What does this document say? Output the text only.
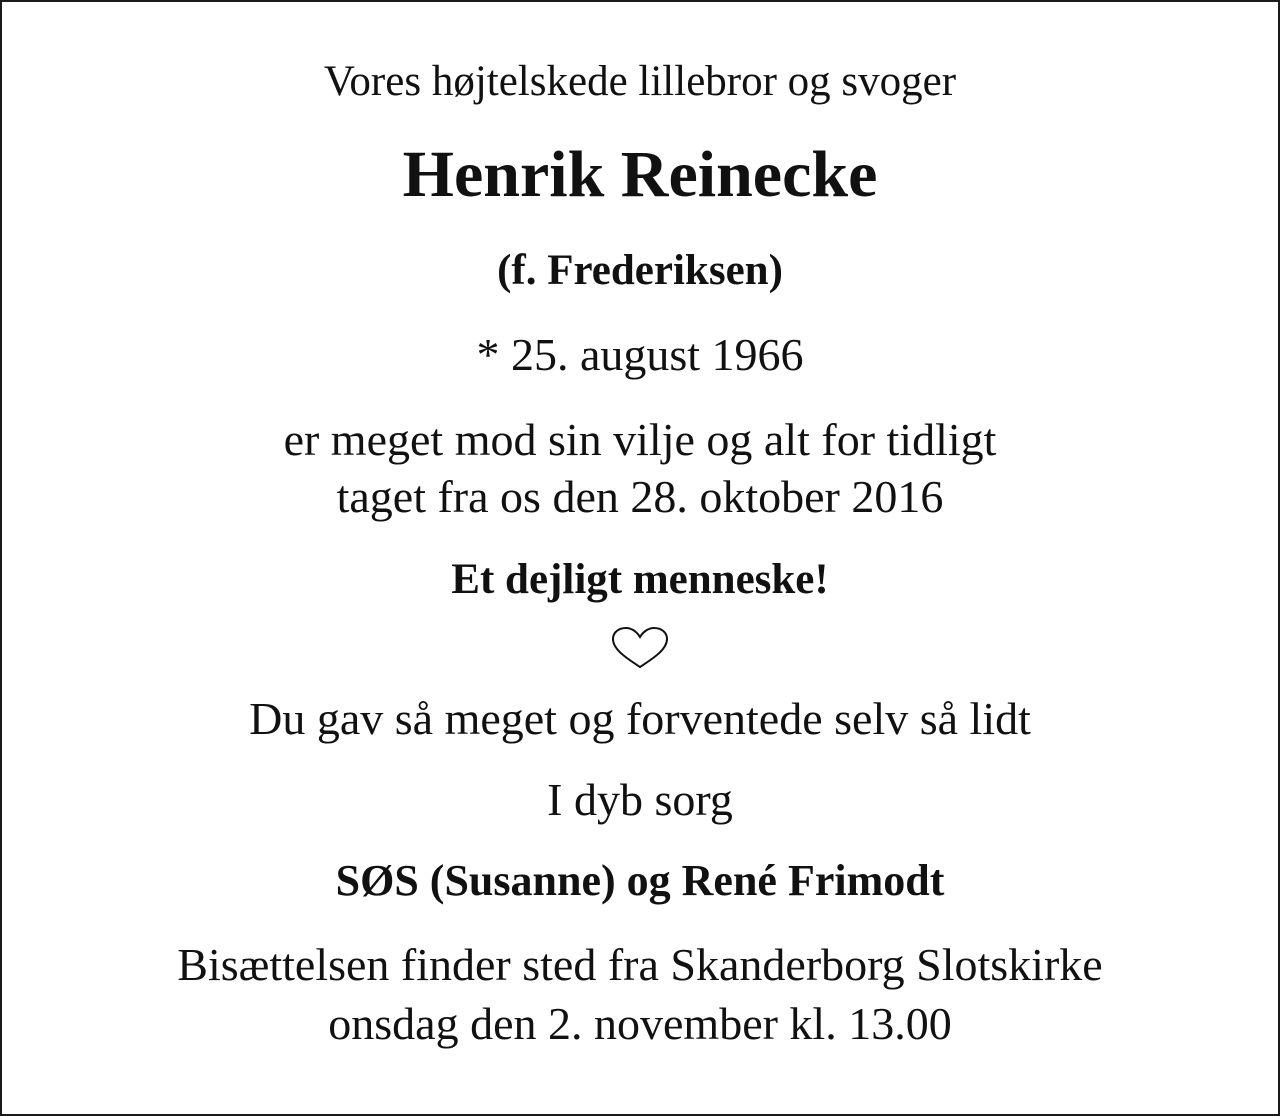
Vores højtelskede lillebror og svoger
Henrik Reinecke
(f. Frederiksen)
* 25. august 1966
er meget mod sin vilje og alt for tidligt
taget fra os den 28. oktober 2016
Et dejligt menneske!
Du gav så meget og forventede selv så lidt
I dyb sorg
SØS (Susanne) og René Frimodt
Bisættelsen finder sted fra Skanderborg Slotskirke
onsdag den 2. november kl. 13.00
